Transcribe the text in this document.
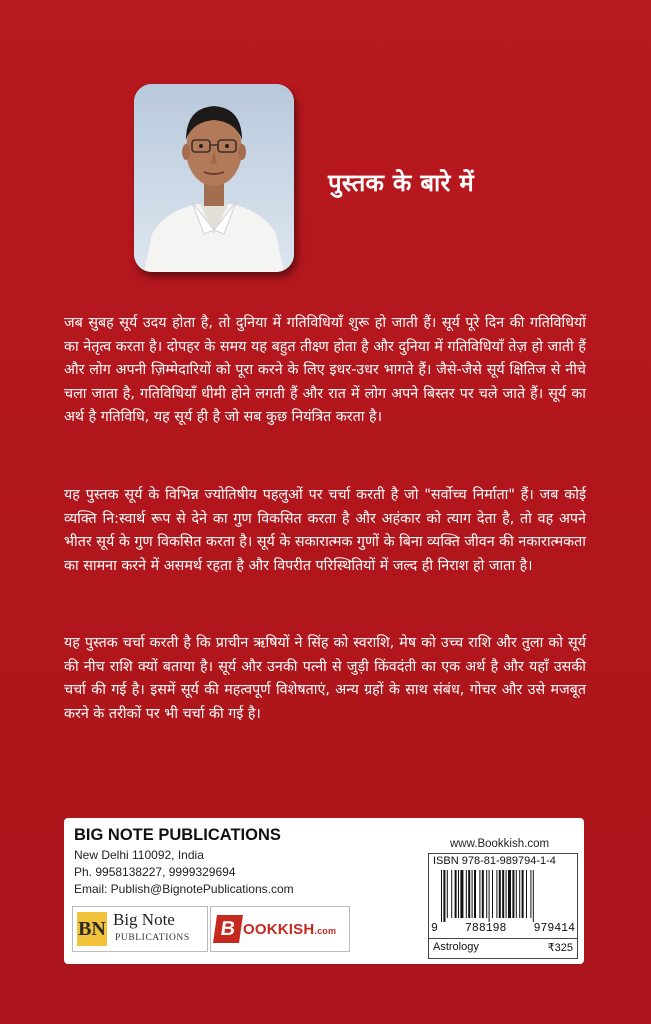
पुस्तक के बारे में

जब सुबह सूर्य उदय होता है, तो दुनिया में गतिविधियाँ शुरू हो जाती हैं। सूर्य पूरे दिन की गतिविधियों का नेतृत्व करता है। दोपहर के समय यह बहुत तीक्ष्ण होता है और दुनिया में गतिविधियाँ तेज़ हो जाती हैं और लोग अपनी ज़िम्मेदारियों को पूरा करने के लिए इधर-उधर भागते हैं। जैसे-जैसे सूर्य क्षितिज से नीचे चला जाता है, गतिविधियाँ धीमी होने लगती हैं और रात में लोग अपने बिस्तर पर चले जाते हैं। सूर्य का अर्थ है गतिविधि, यह सूर्य ही है जो सब कुछ नियंत्रित करता है।

यह पुस्तक सूर्य के विभिन्न ज्योतिषीय पहलुओं पर चर्चा करती है जो "सर्वोच्च निर्माता" हैं। जब कोई व्यक्ति नि:स्वार्थ रूप से देने का गुण विकसित करता है और अहंकार को त्याग देता है, तो वह अपने भीतर सूर्य के गुण विकसित करता है। सूर्य के सकारात्मक गुणों के बिना व्यक्ति जीवन की नकारात्मकता का सामना करने में असमर्थ रहता है और विपरीत परिस्थितियों में जल्द ही निराश हो जाता है।

यह पुस्तक चर्चा करती है कि प्राचीन ऋषियों ने सिंह को स्वराशि, मेष को उच्च राशि और तुला को सूर्य की नीच राशि क्यों बताया है। सूर्य और उनकी पत्नी से जुड़ी किंवदंती का एक अर्थ है और यहाँ उसकी चर्चा की गई है। इसमें सूर्य की महत्वपूर्ण विशेषताएं, अन्य ग्रहों के साथ संबंध, गोचर और उसे मजबूत करने के तरीकों पर भी चर्चा की गई है।

BIG NOTE PUBLICATIONS
New Delhi 110092, India
Ph. 9958138227, 9999329694
Email: Publish@BignotePublications.com
BN Big Note
PUBLICATIONS	B OOKKISH.com
www.Bookkish.com
ISBN 978-81-989794-1-4
9 788198 979414
Astrology	₹325
